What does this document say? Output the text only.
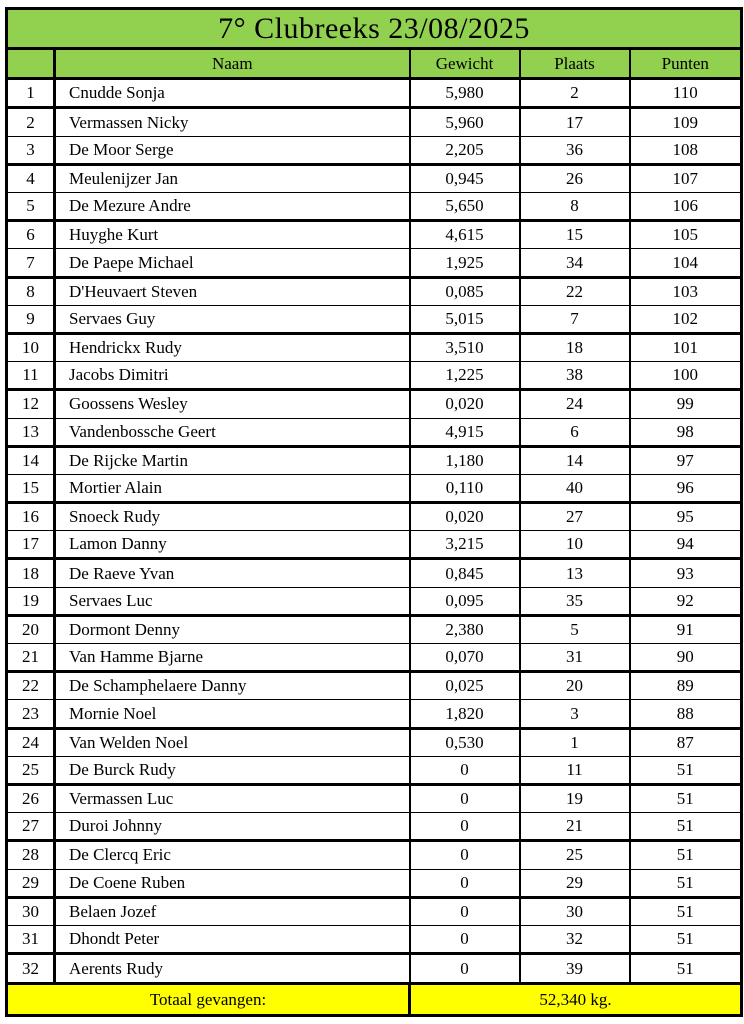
7° Clubreeks 23/08/2025				
	Naam	Gewicht	Plaats	Punten
1	Cnudde Sonja	5,980	2	110
2	Vermassen Nicky	5,960	17	109
3	De Moor Serge	2,205	36	108
4	Meulenijzer Jan	0,945	26	107
5	De Mezure Andre	5,650	8	106
6	Huyghe Kurt	4,615	15	105
7	De Paepe Michael	1,925	34	104
8	D'Heuvaert Steven	0,085	22	103
9	Servaes Guy	5,015	7	102
10	Hendrickx Rudy	3,510	18	101
11	Jacobs Dimitri	1,225	38	100
12	Goossens Wesley	0,020	24	99
13	Vandenbossche Geert	4,915	6	98
14	De Rijcke Martin	1,180	14	97
15	Mortier Alain	0,110	40	96
16	Snoeck Rudy	0,020	27	95
17	Lamon Danny	3,215	10	94
18	De Raeve Yvan	0,845	13	93
19	Servaes Luc	0,095	35	92
20	Dormont Denny	2,380	5	91
21	Van Hamme Bjarne	0,070	31	90
22	De Schamphelaere Danny	0,025	20	89
23	Mornie Noel	1,820	3	88
24	Van Welden Noel	0,530	1	87
25	De Burck Rudy	0	11	51
26	Vermassen Luc	0	19	51
27	Duroi Johnny	0	21	51
28	De Clercq Eric	0	25	51
29	De Coene Ruben	0	29	51
30	Belaen Jozef	0	30	51
31	Dhondt Peter	0	32	51
32	Aerents Rudy	0	39	51
Totaal gevangen:		52,340 kg.		
